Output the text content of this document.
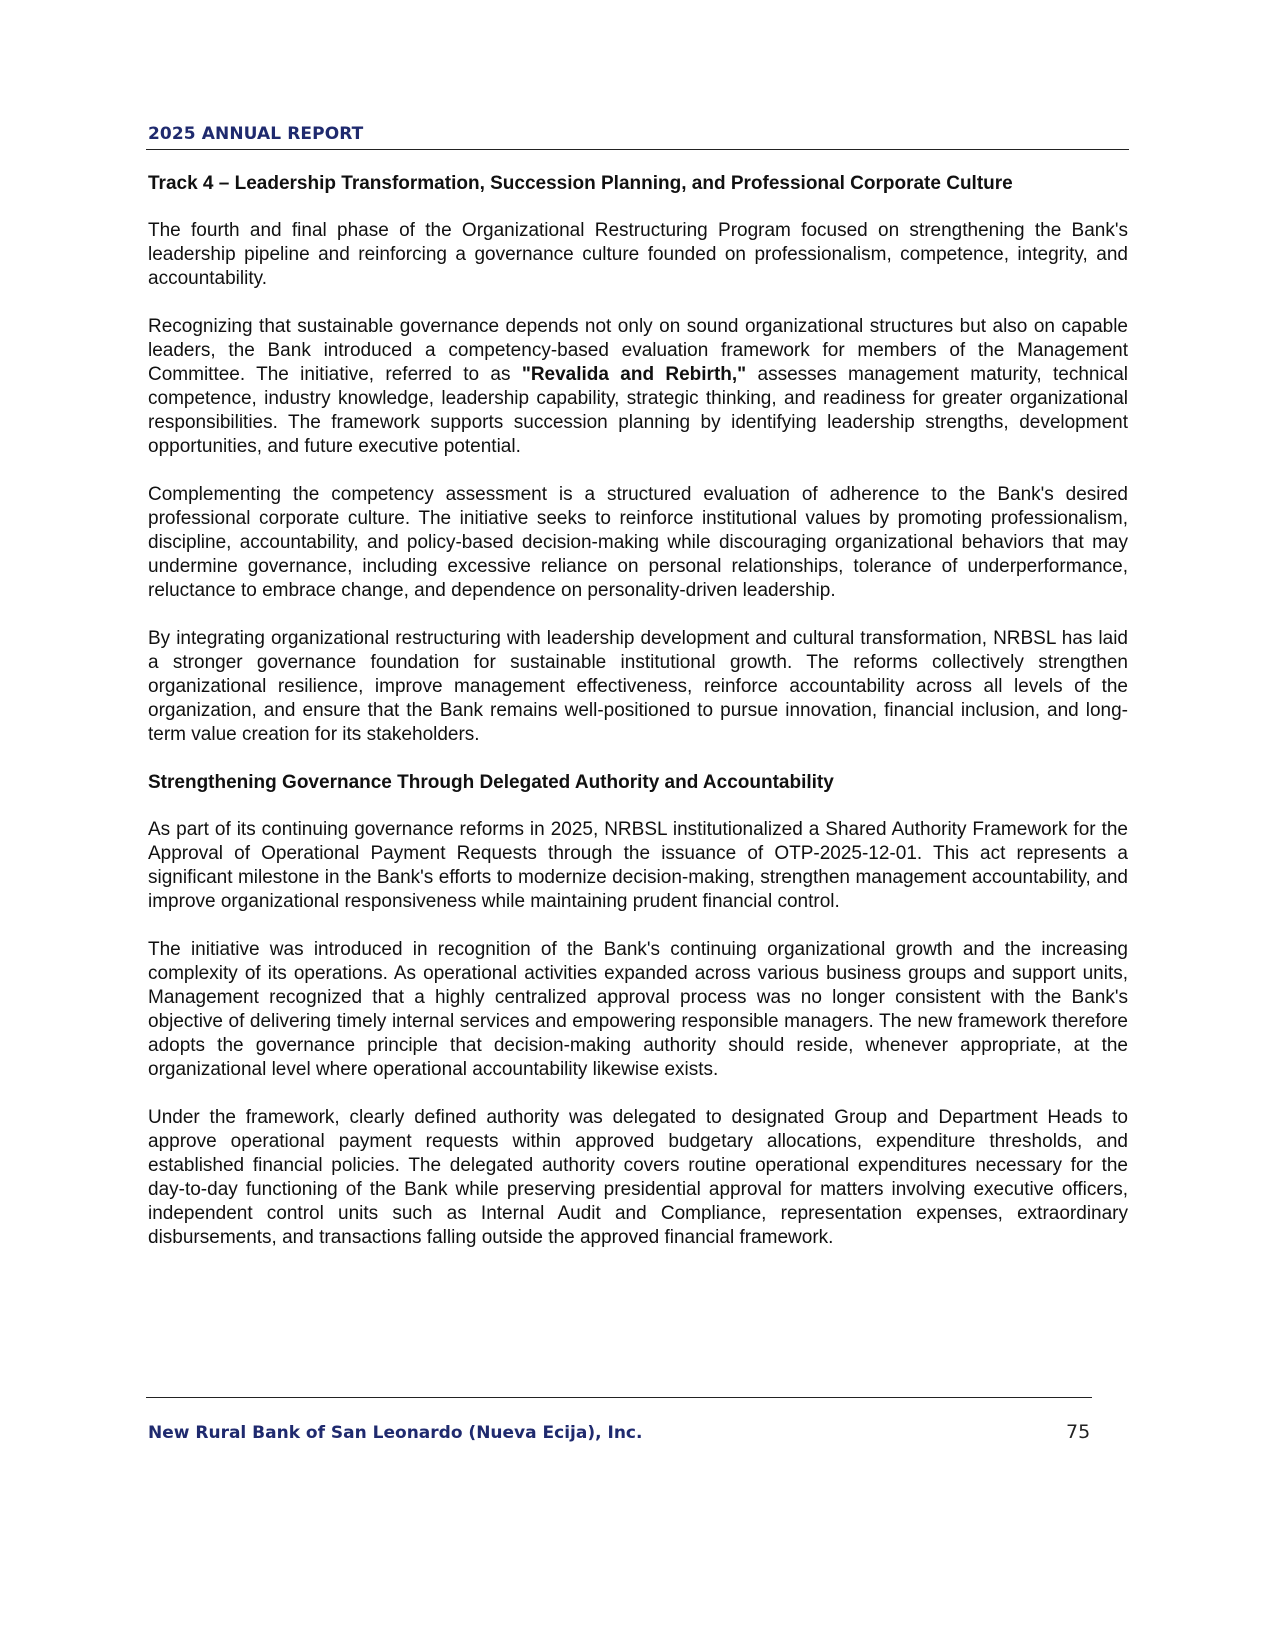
2025 ANNUAL REPORT
Track 4 – Leadership Transformation, Succession Planning, and Professional Corporate Culture

The fourth and final phase of the Organizational Restructuring Program focused on strengthening the Bank's leadership pipeline and reinforcing a governance culture founded on professionalism, competence, integrity, and accountability.

Recognizing that sustainable governance depends not only on sound organizational structures but also on capable leaders, the Bank introduced a competency-based evaluation framework for members of the Management Committee. The initiative, referred to as "Revalida and Rebirth," assesses management maturity, technical competence, industry knowledge, leadership capability, strategic thinking, and readiness for greater organizational responsibilities. The framework supports succession planning by identifying leadership strengths, development opportunities, and future executive potential.

Complementing the competency assessment is a structured evaluation of adherence to the Bank's desired professional corporate culture. The initiative seeks to reinforce institutional values by promoting professionalism, discipline, accountability, and policy-based decision-making while discouraging organizational behaviors that may undermine governance, including excessive reliance on personal relationships, tolerance of underperformance, reluctance to embrace change, and dependence on personality-driven leadership.

By integrating organizational restructuring with leadership development and cultural transformation, NRBSL has laid a stronger governance foundation for sustainable institutional growth. The reforms collectively strengthen organizational resilience, improve management effectiveness, reinforce accountability across all levels of the organization, and ensure that the Bank remains well-positioned to pursue innovation, financial inclusion, and long-term value creation for its stakeholders.

Strengthening Governance Through Delegated Authority and Accountability

As part of its continuing governance reforms in 2025, NRBSL institutionalized a Shared Authority Framework for the Approval of Operational Payment Requests through the issuance of OTP-2025-12-01. This act represents a significant milestone in the Bank's efforts to modernize decision-making, strengthen management accountability, and improve organizational responsiveness while maintaining prudent financial control.

The initiative was introduced in recognition of the Bank's continuing organizational growth and the increasing complexity of its operations. As operational activities expanded across various business groups and support units, Management recognized that a highly centralized approval process was no longer consistent with the Bank's objective of delivering timely internal services and empowering responsible managers. The new framework therefore adopts the governance principle that decision-making authority should reside, whenever appropriate, at the organizational level where operational accountability likewise exists.

Under the framework, clearly defined authority was delegated to designated Group and Department Heads to approve operational payment requests within approved budgetary allocations, expenditure thresholds, and established financial policies. The delegated authority covers routine operational expenditures necessary for the day-to-day functioning of the Bank while preserving presidential approval for matters involving executive officers, independent control units such as Internal Audit and Compliance, representation expenses, extraordinary disbursements, and transactions falling outside the approved financial framework.

New Rural Bank of San Leonardo (Nueva Ecija), Inc.	75
